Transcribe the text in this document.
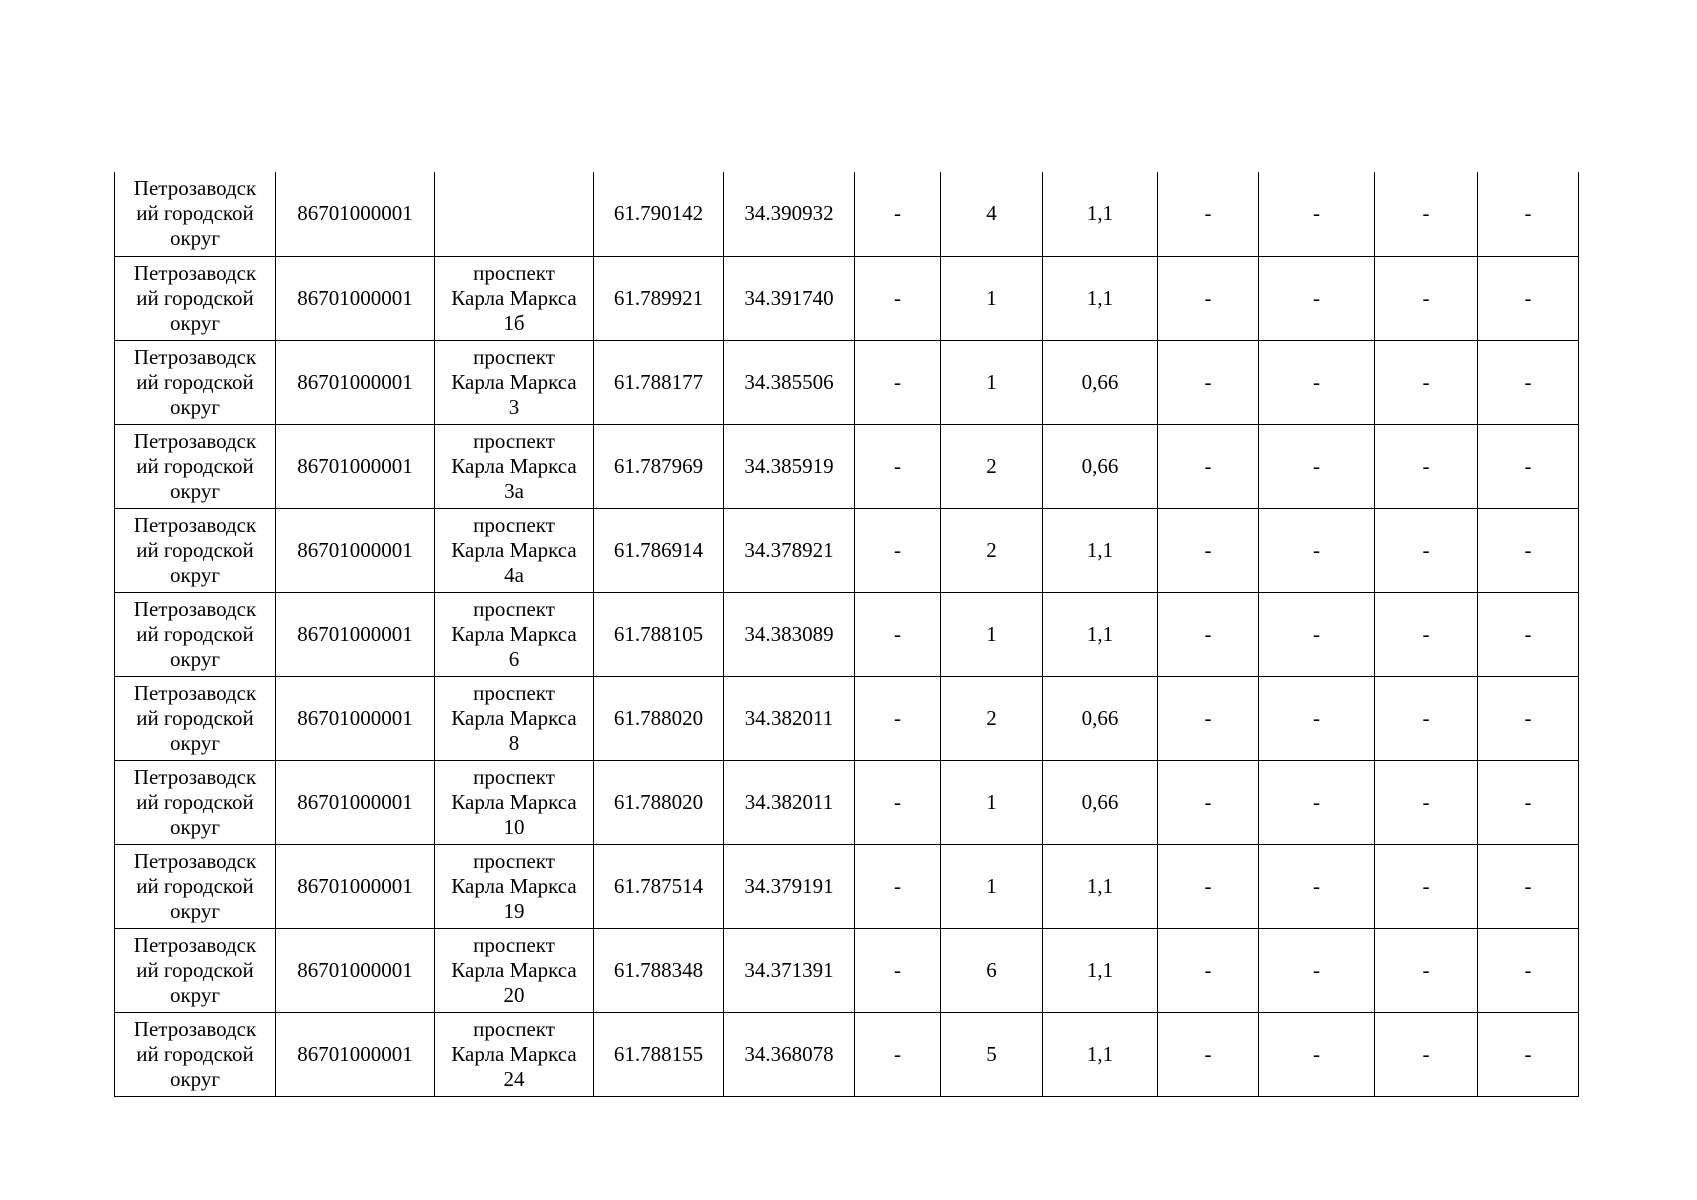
Петрозаводск
ий городской
округ	86701000001		61.790142	34.390932	-	4	1,1	-	-	-	-

Петрозаводск
ий городской
округ	86701000001	проспект
Карла Маркса
1б	61.789921	34.391740	-	1	1,1	-	-	-	-

Петрозаводск
ий городской
округ	86701000001	проспект
Карла Маркса
3	61.788177	34.385506	-	1	0,66	-	-	-	-

Петрозаводск
ий городской
округ	86701000001	проспект
Карла Маркса
3а	61.787969	34.385919	-	2	0,66	-	-	-	-

Петрозаводск
ий городской
округ	86701000001	проспект
Карла Маркса
4а	61.786914	34.378921	-	2	1,1	-	-	-	-

Петрозаводск
ий городской
округ	86701000001	проспект
Карла Маркса
6	61.788105	34.383089	-	1	1,1	-	-	-	-

Петрозаводск
ий городской
округ	86701000001	проспект
Карла Маркса
8	61.788020	34.382011	-	2	0,66	-	-	-	-

Петрозаводск
ий городской
округ	86701000001	проспект
Карла Маркса
10	61.788020	34.382011	-	1	0,66	-	-	-	-

Петрозаводск
ий городской
округ	86701000001	проспект
Карла Маркса
19	61.787514	34.379191	-	1	1,1	-	-	-	-

Петрозаводск
ий городской
округ	86701000001	проспект
Карла Маркса
20	61.788348	34.371391	-	6	1,1	-	-	-	-

Петрозаводск
ий городской
округ	86701000001	проспект
Карла Маркса
24	61.788155	34.368078	-	5	1,1	-	-	-	-
